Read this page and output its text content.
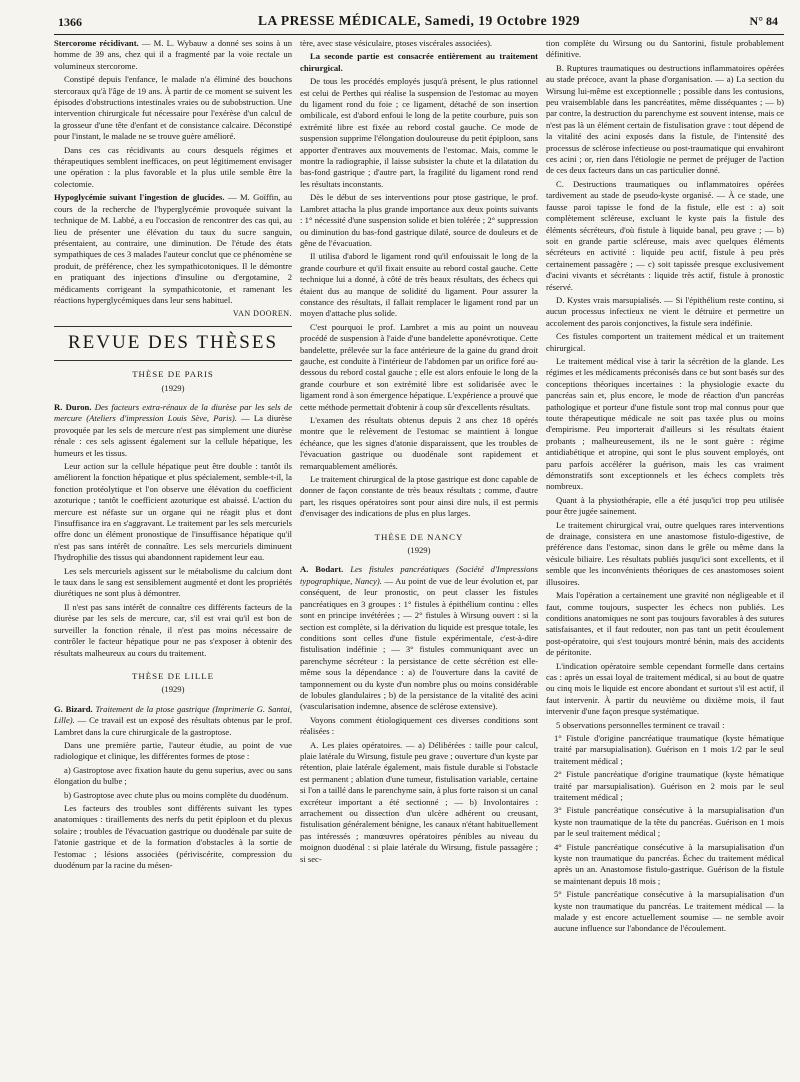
1366	LA PRESSE MÉDICALE, Samedi, 19 Octobre 1929	N° 84

Stercorome récidivant. — M. L. Wybauw a donné ses soins à un homme de 39 ans, chez qui il a fragmenté par la voie rectale un volumineux stercorome.

Constipé depuis l'enfance, le malade n'a éliminé des bouchons stercoraux qu'à l'âge de 19 ans. À partir de ce moment se suivent les épisodes d'obstructions intestinales vraies ou de subobstruction. Une intervention chirurgicale fut nécessaire pour l'exérèse d'un calcul de la grosseur d'une tête d'enfant et de consistance calcaire. Déconstipé pour l'instant, le malade ne se trouve guère amélioré.

Dans ces cas récidivants au cours desquels régimes et thérapeutiques semblent inefficaces, on peut légitimement envisager une opération : la plus favorable et la plus utile semble être la colectomie.

Hypoglycémie suivant l'ingestion de glucides. — M. Goïffin, au cours de la recherche de l'hyperglycémie provoquée suivant la technique de M. Labbé, a eu l'occasion de rencontrer des cas qui, au lieu de présenter une élévation du taux du sucre sanguin, présentaient, au contraire, une diminution. De l'étude des états sympathiques de ces 3 malades l'auteur conclut que ce phénomène se produit, de préférence, chez les sympathicotoniques. Il le démontre en pratiquant des injections d'insuline ou d'ergotamine, 2 médicaments corrigeant la sympathicotonie, et ramenant les réactions hyperglycémiques dans leur sens habituel.

VAN DOOREN.
REVUE DES THÈSES
THÈSE DE PARIS
(1929)

R. Duron. Des facteurs extra-rénaux de la diurèse par les sels de mercure (Ateliers d'impression Louis Sève, Paris). — La diurèse provoquée par les sels de mercure n'est pas simplement une diurèse rénale : ces sels agissent également sur la cellule hépatique, les humeurs et les tissus.

Leur action sur la cellule hépatique peut être double : tantôt ils améliorent la fonction hépatique et plus spécialement, semble-t-il, la fonction protéolytique et l'on observe une élévation du coefficient azoturique ; tantôt le coefficient azoturique est abaissé. L'action du mercure est néfaste sur un organe qui ne réagit plus et dont l'insuffisance ira en s'aggravant. Le traitement par les sels mercuriels offre donc un élément pronostique de l'insuffisance hépatique qu'il n'est pas sans intérêt de connaître. Les sels mercuriels diminuent l'hydrophilie des tissus qui abandonnent rapidement leur eau.

Les sels mercuriels agissent sur le métabolisme du calcium dont le taux dans le sang est sensiblement augmenté et dont les propriétés diurétiques ne sont plus à démontrer.

Il n'est pas sans intérêt de connaître ces différents facteurs de la diurèse par les sels de mercure, car, s'il est vrai qu'il est bon de surveiller la fonction rénale, il n'est pas moins nécessaire de contrôler le facteur hépatique pour ne pas s'exposer à obtenir des résultats malheureux au cours du traitement.

THÈSE DE LILLE
(1929)

G. Bizard. Traitement de la ptose gastrique (Imprimerie G. Santai, Lille). — Ce travail est un exposé des résultats obtenus par le prof. Lambret dans la cure chirurgicale de la gastroptose.

Dans une première partie, l'auteur étudie, au point de vue radiologique et clinique, les différentes formes de ptose :

a) Gastroptose avec fixation haute du genu superius, avec ou sans élongation du bulbe ;

b) Gastroptose avec chute plus ou moins complète du duodénum.

Les facteurs des troubles sont différents suivant les types anatomiques : tiraillements des nerfs du petit épiploon et du plexus solaire ; troubles de l'évacuation gastrique ou duodénale par suite de l'atonie gastrique et de la formation d'obstacles à la sortie de l'estomac ; lésions associées (périviscérite, compression du duodénum par la racine du mésen-

tère, avec stase vésiculaire, ptoses viscérales associées).

La seconde partie est consacrée entièrement au traitement chirurgical.

De tous les procédés employés jusqu'à présent, le plus rationnel est celui de Perthes qui réalise la suspension de l'estomac au moyen du ligament rond du foie ; ce ligament, détaché de son insertion ombilicale, est d'abord enfoui le long de la petite courbure, puis son extrémité libre est fixée au rebord costal gauche. Ce mode de suspension supprime l'élongation douloureuse du petit épiploon, sans apporter d'entraves aux mouvements de l'estomac. Mais, comme le montre la radiographie, il laisse subsister la chute et la dilatation du bas-fond gastrique ; d'autre part, la fragilité du ligament rond rend les résultats inconstants.

Dès le début de ses interventions pour ptose gastrique, le prof. Lambret attacha la plus grande importance aux deux points suivants : 1° nécessité d'une suspension solide et bien tolérée ; 2° suppression ou diminution du bas-fond gastrique dilaté, source de douleurs et de gêne de l'évacuation.

Il utilisa d'abord le ligament rond qu'il enfouissait le long de la grande courbure et qu'il fixait ensuite au rebord costal gauche. Cette technique lui a donné, à côté de très beaux résultats, des échecs qui étaient dus au manque de solidité du ligament. Pour assurer la constance des résultats, il fallait remplacer le ligament rond par un moyen d'attache plus solide.

C'est pourquoi le prof. Lambret a mis au point un nouveau procédé de suspension à l'aide d'une bandelette aponévrotique. Cette bandelette, prélevée sur la face antérieure de la gaine du grand droit gauche, est conduite à l'intérieur de l'abdomen par un orifice foré au-dessous du rebord costal gauche ; elle est alors enfouie le long de la grande courbure et son extrémité libre est solidarisée avec le ligament rond à son émergence hépatique. L'expérience a prouvé que cette méthode permettait d'obtenir à coup sûr d'excellents résultats.

L'examen des résultats obtenus depuis 2 ans chez 18 opérés montre que le relèvement de l'estomac se maintient à longue échéance, que les signes d'atonie disparaissent, que les troubles de l'évacuation gastrique ou duodénale sont rapidement et remarquablement améliorés.

Le traitement chirurgical de la ptose gastrique est donc capable de donner de façon constante de très beaux résultats ; comme, d'autre part, les risques opératoires sont pour ainsi dire nuls, il est permis d'envisager des indications de plus en plus larges.

THÈSE DE NANCY
(1929)

A. Bodart. Les fistules pancréatiques (Société d'Impressions typographique, Nancy). — Au point de vue de leur évolution et, par conséquent, de leur pronostic, on peut classer les fistules pancréatiques en 3 groupes : 1° fistules à épithélium continu : elles sont en principe invétérées ; — 2° fistules à Wirsung ouvert : si la section est complète, si la dérivation du liquide est presque totale, les conditions sont celles d'une fistule expérimentale, c'est-à-dire fistulisation indéfinie ; — 3° fistules communiquant avec un parenchyme sécréteur : la persistance de cette sécrétion est elle-même sous la dépendance : a) de l'ouverture dans la cavité de tamponnement ou du kyste d'un nombre plus ou moins considérable de lobules glandulaires ; b) de la persistance de la vitalité des acini (vascularisation indemne, absence de sclérose extensive).

Voyons comment étiologiquement ces diverses conditions sont réalisées :

A. Les plaies opératoires. — a) Délibérées : taille pour calcul, plaie latérale du Wirsung, fistule peu grave ; ouverture d'un kyste par rétention, plaie latérale également, mais fistule durable si l'obstacle est permanent ; ablation d'une tumeur, fistulisation variable, certaine si l'on a taillé dans le parenchyme sain, à plus forte raison si un canal excréteur important a été sectionné ; — b) Involontaires : arrachement ou dissection d'un ulcère adhérent ou creusant, fistulisation généralement bénigne, les canaux n'étant habituellement pas intéressés ; manœuvres opératoires pénibles au niveau du moignon duodénal : si plaie latérale du Wirsung, fistule passagère ; si sec-

tion complète du Wirsung ou du Santorini, fistule probablement définitive.

B. Ruptures traumatiques ou destructions inflammatoires opérées au stade précoce, avant la phase d'organisation. — a) La section du Wirsung lui-même est exceptionnelle ; possible dans les contusions, peu vraisemblable dans les pancréatites, même disséquantes ; — b) par contre, la destruction du parenchyme est souvent intense, mais ce n'est pas là un élément certain de fistulisation grave : tout dépend de la vitalité des acini exposés dans la fistule, de l'intensité des processus de sclérose infectieuse ou post-traumatique qui envahiront ces acini ; or, rien dans l'étiologie ne permet de préjuger de l'action de ces deux facteurs dans un cas particulier donné.

C. Destructions traumatiques ou inflammatoires opérées tardivement au stade de pseudo-kyste organisé. — À ce stade, une fausse paroi tapisse le fond de la fistule, elle est : a) soit complètement scléreuse, excluant le kyste pais la fistule des éléments sécréteurs, d'où fistule à liquide banal, peu grave ; — b) soit en grande partie scléreuse, mais avec quelques éléments sécréteurs en activité : liquide peu actif, fistule à peu près certainement passagère ; — c) soit tapissée presque exclusivement d'acini vivants et sécrétants : liquide très actif, fistule à pronostic réservé.

D. Kystes vrais marsupialisés. — Si l'épithélium reste continu, si aucun processus infectieux ne vient le détruire et permettre un accolement des parois conjonctives, la fistule sera indéfinie.

Ces fistules comportent un traitement médical et un traitement chirurgical.

Le traitement médical vise à tarir la sécrétion de la glande. Les régimes et les médicaments préconisés dans ce but sont basés sur des conceptions théoriques incertaines : la physiologie exacte du pancréas sain et, plus encore, le mode de réaction d'un pancréas pathologique et porteur d'une fistule sont trop mal connus pour que toute thérapeutique médicale ne soit pas taxée plus ou moins d'empirisme. Peu importerait d'ailleurs si les résultats étaient probants ; malheureusement, ils ne le sont guère : régime antidiabétique et atropine, qui sont le plus souvent employés, ont paru parfois accélérer la guérison, mais les cas vraiment démonstratifs sont exceptionnels et les échecs complets très nombreux.

Quant à la physiothérapie, elle a été jusqu'ici trop peu utilisée pour être jugée sainement.

Le traitement chirurgical vrai, outre quelques rares interventions de drainage, consistera en une anastomose fistulo-digestive, de préférence dans l'estomac, sinon dans le grêle ou même dans la vésicule biliaire. Les résultats publiés jusqu'ici sont excellents, et il semble que les inconvénients théoriques de ces anastomoses soient illusoires.

Mais l'opération a certainement une gravité non négligeable et il faut, comme toujours, suspecter les échecs non publiés. Les conditions anatomiques ne sont pas toujours favorables à des sutures satisfaisantes, et il faut redouter, non pas tant un petit écoulement post-opératoire, qui s'est toujours montré bénin, mais des accidents de péritonite.

L'indication opératoire semble cependant formelle dans certains cas : après un essai loyal de traitement médical, si au bout de quatre ou cinq mois le liquide est encore abondant et surtout s'il est actif, il faut intervenir. À partir du neuvième ou dixième mois, il faut intervenir d'une façon presque systématique.

5 observations personnelles terminent ce travail :

1° Fistule d'origine pancréatique traumatique (kyste hématique traité par marsupialisation). Guérison en 1 mois 1/2 par le seul traitement médical ;

2° Fistule pancréatique d'origine traumatique (kyste hématique traité par marsupialisation). Guérison en 2 mois par le seul traitement médical ;

3° Fistule pancréatique consécutive à la marsupialisation d'un kyste non traumatique de la tête du pancréas. Guérison en 1 mois par le seul traitement médical ;

4° Fistule pancréatique consécutive à la marsupialisation d'un kyste non traumatique du pancréas. Échec du traitement médical après un an. Anastomose fistulo-gastrique. Guérison de la fistule se maintenant depuis 18 mois ;

5° Fistule pancréatique consécutive à la marsupialisation d'un kyste non traumatique du pancréas. Le traitement médical — la malade y est encore actuellement soumise — ne semble avoir aucune influence sur l'abondance de l'écoulement.
